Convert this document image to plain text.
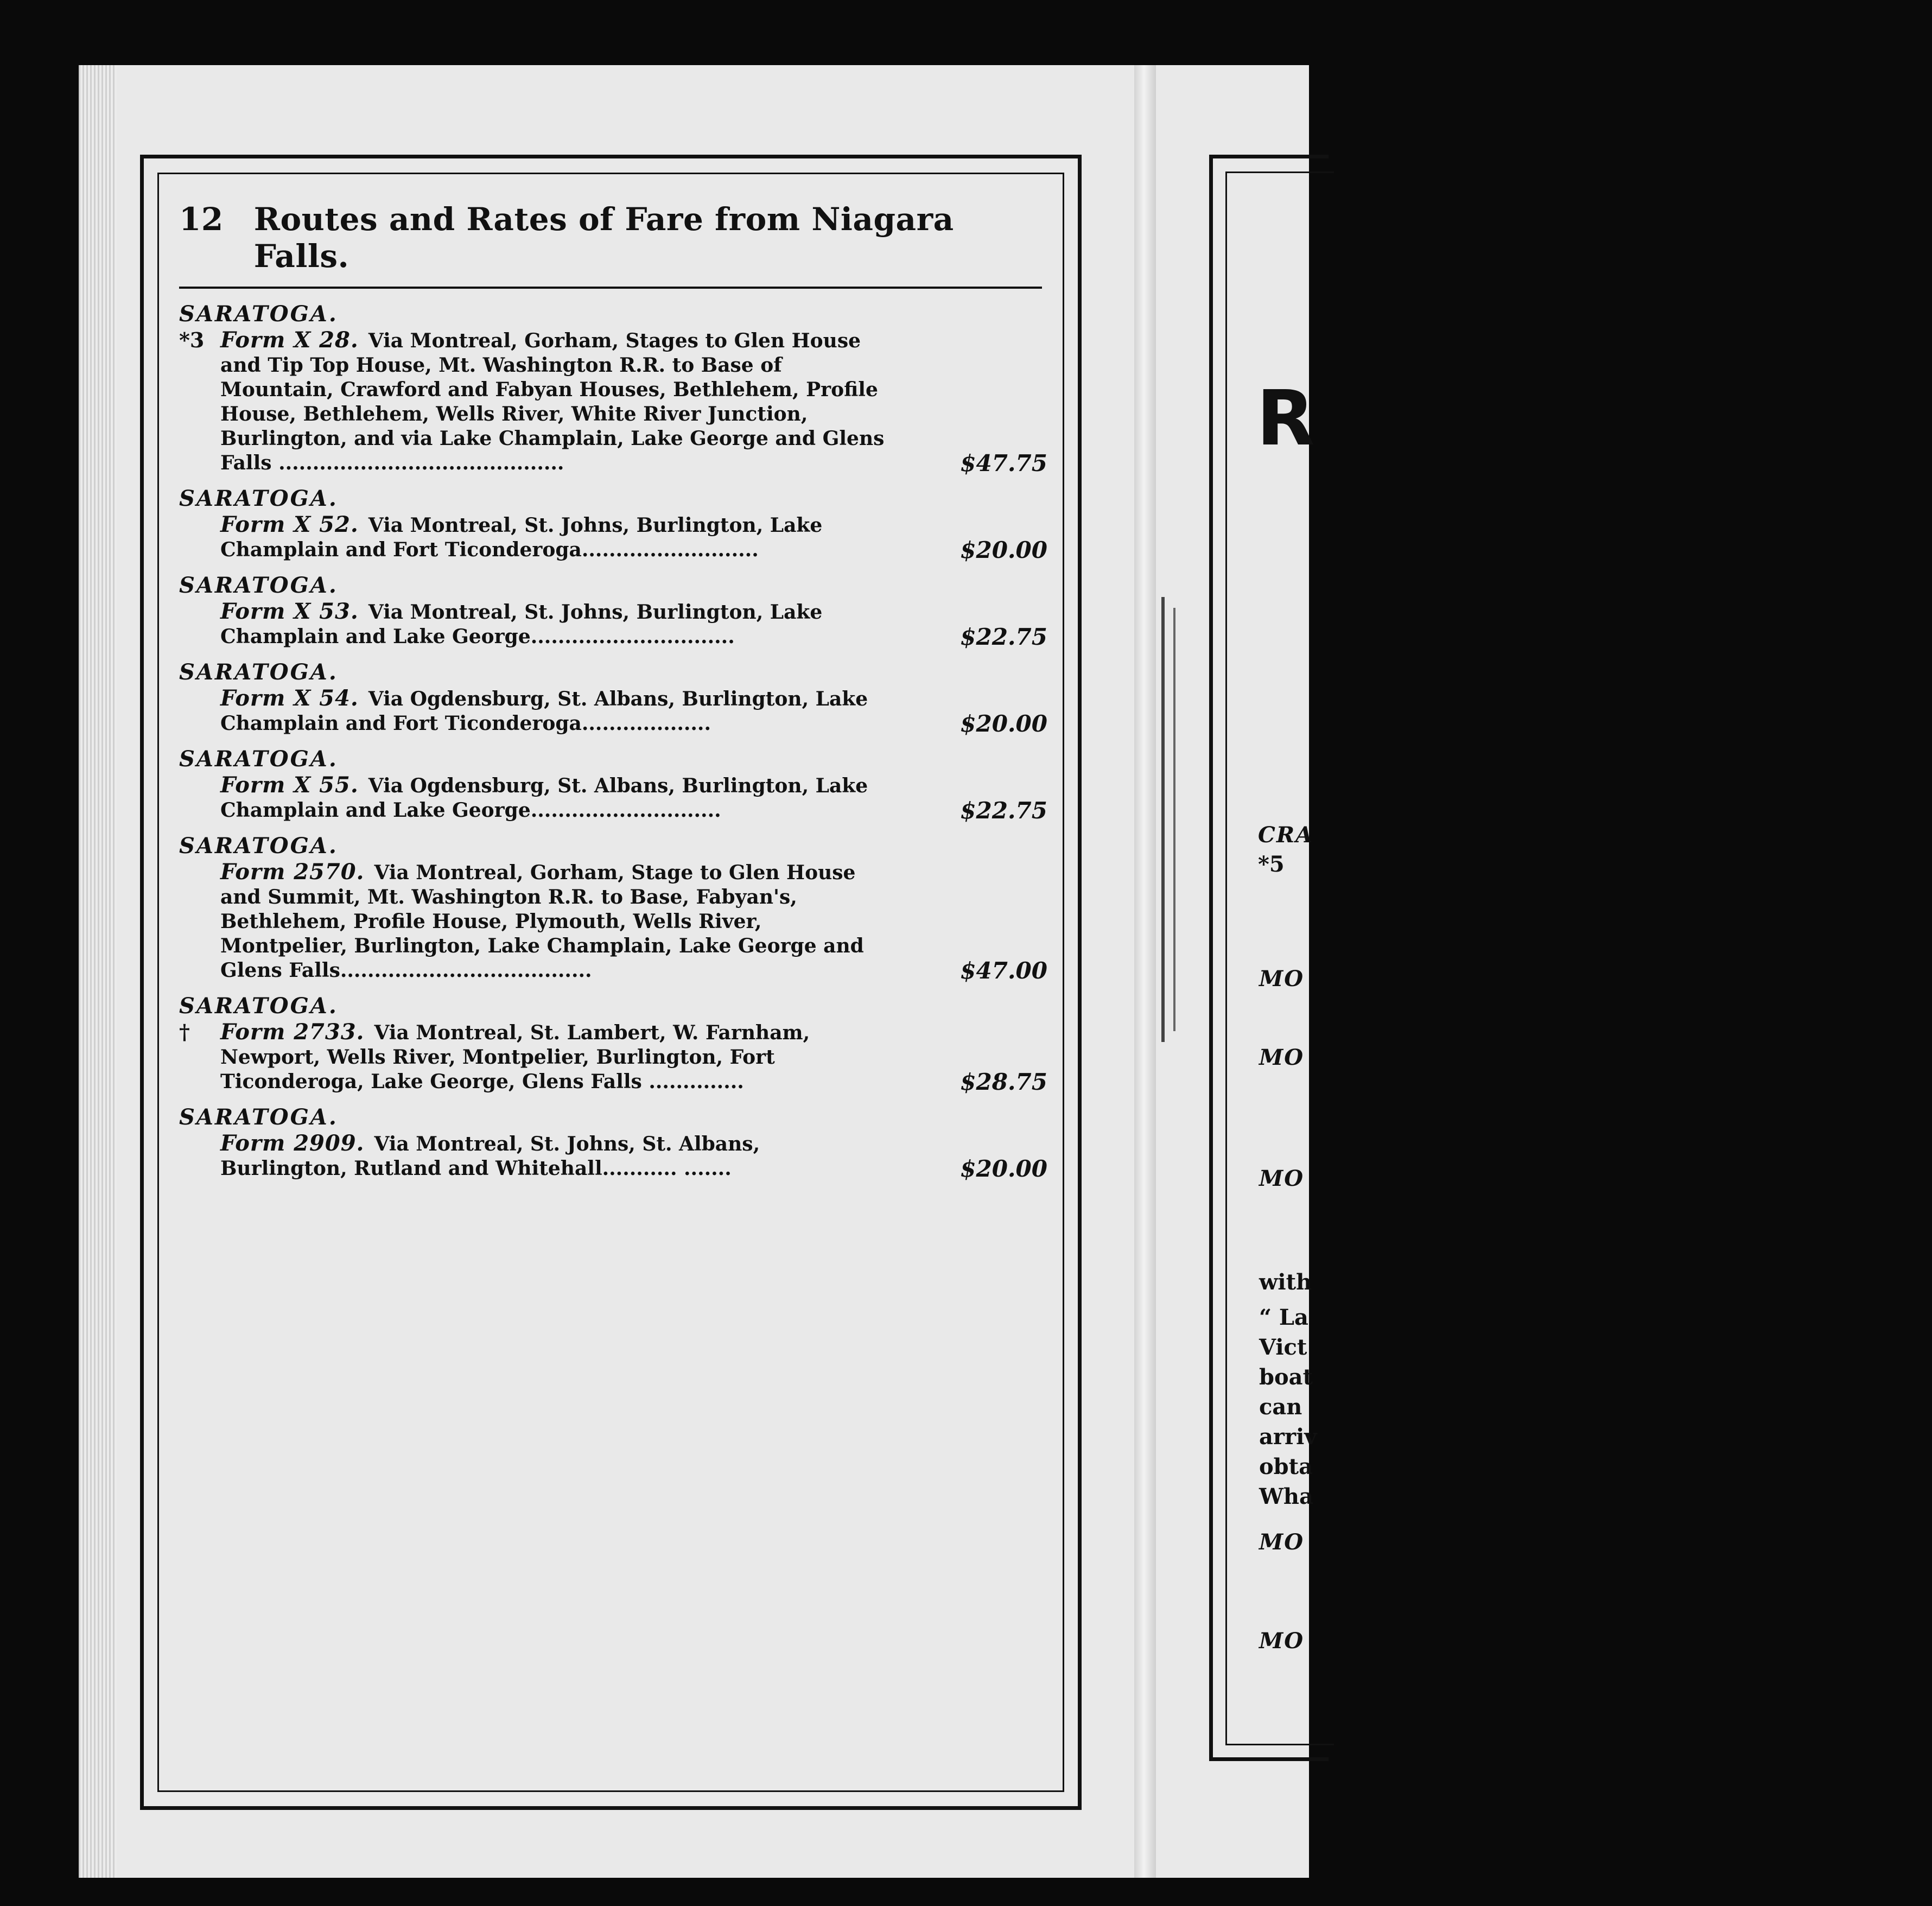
12 Routes and Rates of Fare from Niagara Falls.
SARATOGA.
*3 Form X 28. Via Montreal, Gorham, Stages to Glen House and Tip Top House, Mt. Washington R.R. to Base of Mountain, Crawford and Fabyan Houses, Bethlehem, Profile House, Bethlehem, Wells River, White River Junction, Burlington, and via Lake Champlain, Lake George and Glens Falls ..........................................	$47.75
SARATOGA.
Form X 52. Via Montreal, St. Johns, Burlington, Lake Champlain and Fort Ticonderoga..........................	$20.00
SARATOGA.
Form X 53. Via Montreal, St. Johns, Burlington, Lake Champlain and Lake George..............................	$22.75
SARATOGA.
Form X 54. Via Ogdensburg, St. Albans, Burlington, Lake Champlain and Fort Ticonderoga...................	$20.00
SARATOGA.
Form X 55. Via Ogdensburg, St. Albans, Burlington, Lake Champlain and Lake George............................	$22.75
SARATOGA.
Form 2570. Via Montreal, Gorham, Stage to Glen House and Summit, Mt. Washington R.R. to Base, Fabyan's, Bethlehem, Profile House, Plymouth, Wells River, Montpelier, Burlington, Lake Champlain, Lake George and Glens Falls.....................................	$47.00
SARATOGA.
†	Form 2733. Via Montreal, St. Lambert, W. Farnham, Newport, Wells River, Montpelier, Burlington, Fort Ticonderoga, Lake George, Glens Falls ..............	$28.75
SARATOGA.
Form 2909. Via Montreal, St. Johns, St. Albans, Burlington, Rutland and Whitehall........... .......	$20.00
R
CRA
*5
MO
MO
MO
with
“ La
Vict
boat
can
arriv
obta
Wha
MO
MO
